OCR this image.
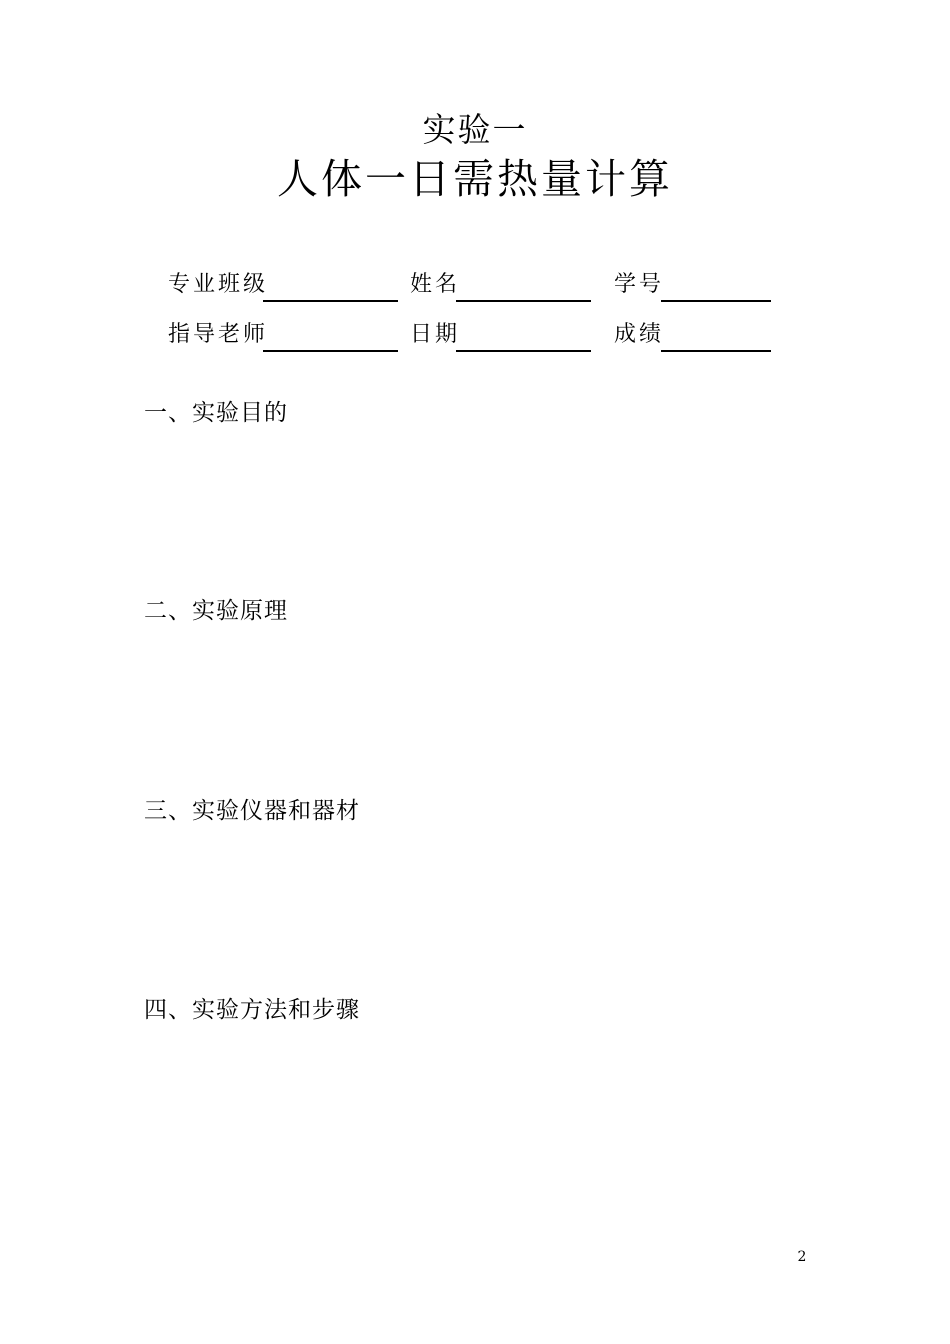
实验一
人体一日需热量计算
专业班级	姓名	学号
指导老师	日期	成绩
一、实验目的
二、实验原理
三、实验仪器和器材
四、实验方法和步骤
2
